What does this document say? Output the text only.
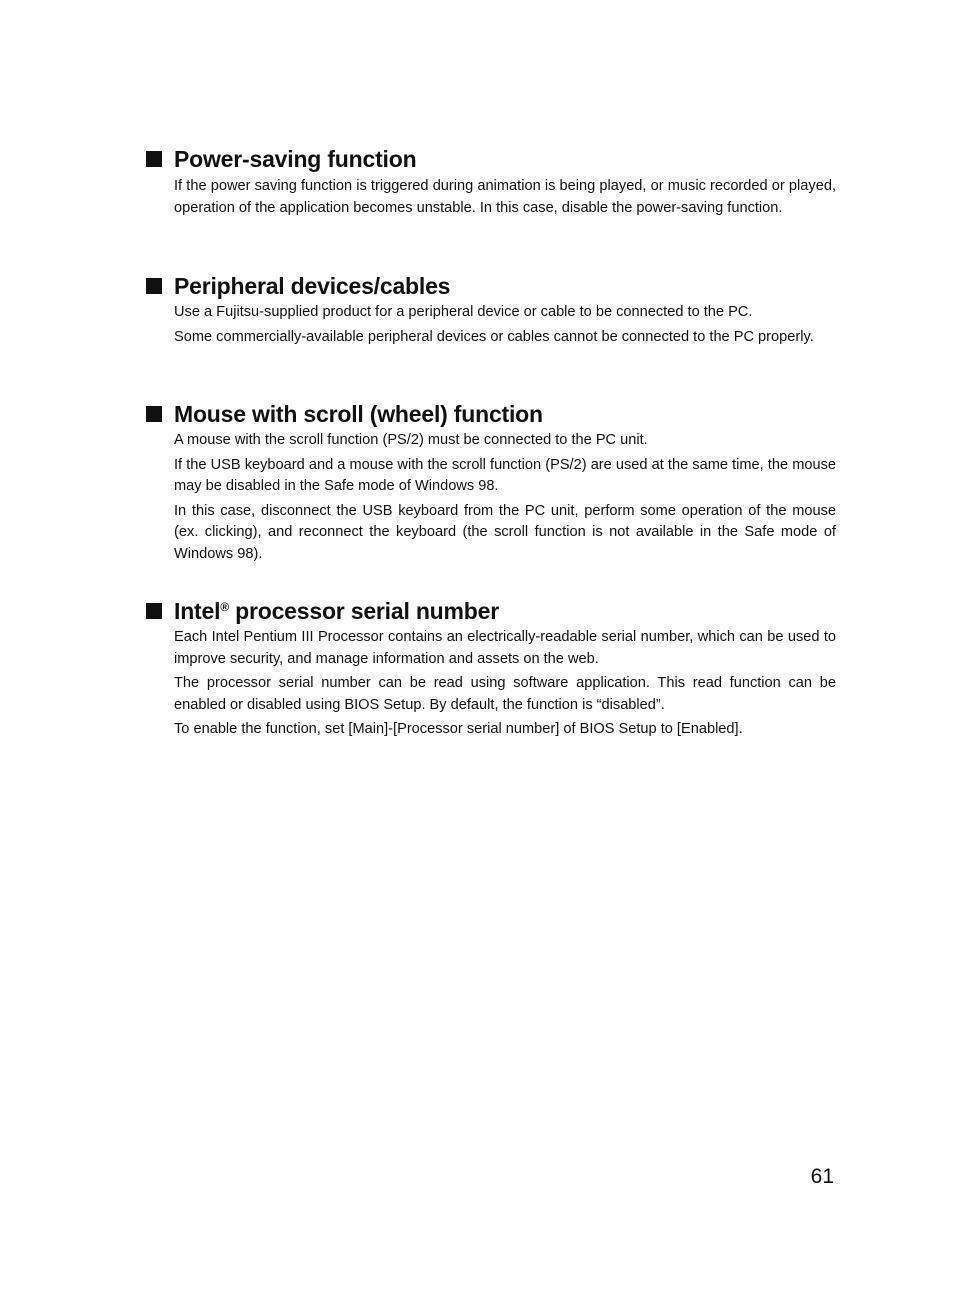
Power-saving function

If the power saving function is triggered during animation is being played, or music recorded or played, operation of the application becomes unstable. In this case, disable the power-saving function.

Peripheral devices/cables

Use a Fujitsu-supplied product for a peripheral device or cable to be connected to the PC.

Some commercially-available peripheral devices or cables cannot be connected to the PC properly.

Mouse with scroll (wheel) function

A mouse with the scroll function (PS/2) must be connected to the PC unit.

If the USB keyboard and a mouse with the scroll function (PS/2) are used at the same time, the mouse may be disabled in the Safe mode of Windows 98.

In this case, disconnect the USB keyboard from the PC unit, perform some operation of the mouse (ex. clicking), and reconnect the keyboard (the scroll function is not available in the Safe mode of Windows 98).

Intel® processor serial number

Each Intel Pentium III Processor contains an electrically-readable serial number, which can be used to improve security, and manage information and assets on the web.

The processor serial number can be read using software application. This read function can be enabled or disabled using BIOS Setup. By default, the function is “disabled”.

To enable the function, set [Main]-[Processor serial number] of BIOS Setup to [Enabled].

61
